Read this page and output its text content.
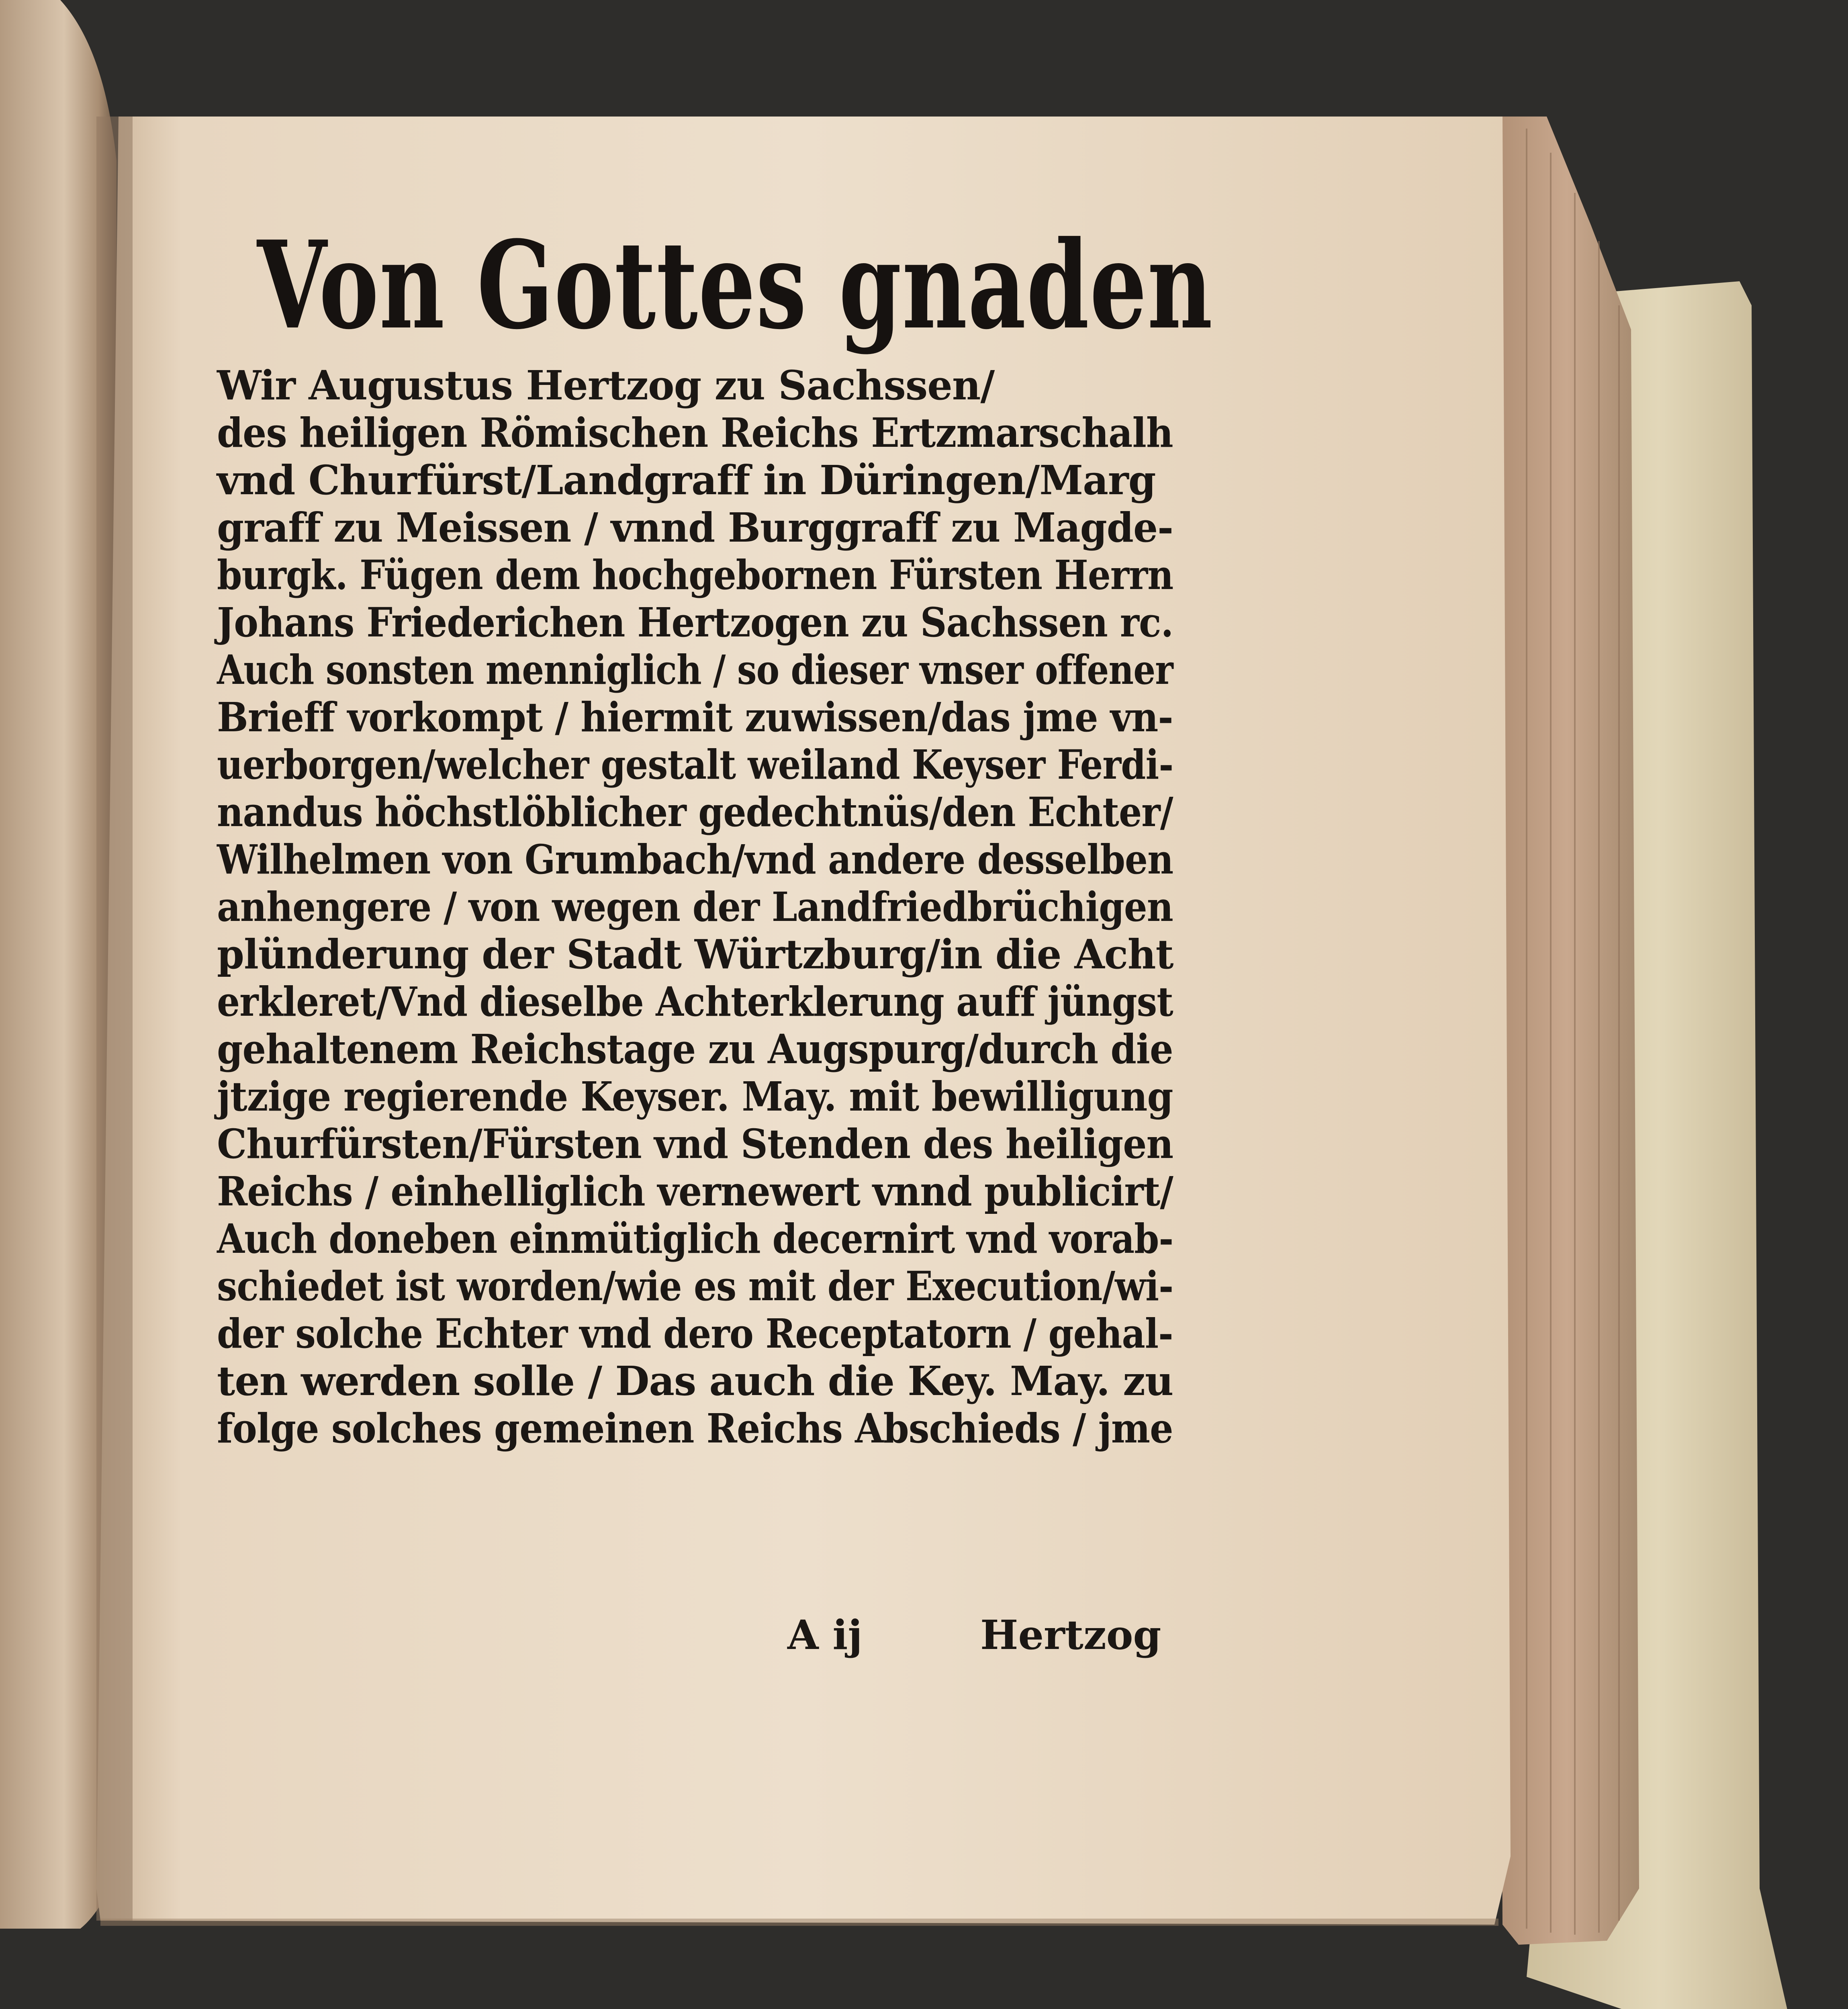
Von Gottes gnaden
Wir Augustus Hertzog zu Sachssen/
des heiligen Römischen Reichs Ertzmarschalh
vnd Churfürst/Landgraff in Düringen/Marg
graff zu Meissen / vnnd Burggraff zu Magde-
burgk. Fügen dem hochgebornen Fürsten Herrn
Johans Friederichen Hertzogen zu Sachssen rc.
Auch sonsten menniglich / so dieser vnser offener
Brieff vorkompt / hiermit zuwissen/das jme vn-
uerborgen/welcher gestalt weiland Keyser Ferdi-
nandus höchstlöblicher gedechtnüs/den Echter/
Wilhelmen von Grumbach/vnd andere desselben
anhengere / von wegen der Landfriedbrüchigen
plünderung der Stadt Würtzburg/in die Acht
erkleret/Vnd dieselbe Achterklerung auff jüngst
gehaltenem Reichstage zu Augspurg/durch die
jtzige regierende Keyser. May. mit bewilligung
Churfürsten/Fürsten vnd Stenden des heiligen
Reichs / einhelliglich vernewert vnnd publicirt/
Auch doneben einmütiglich decernirt vnd vorab-
schiedet ist worden/wie es mit der Execution/wi-
der solche Echter vnd dero Receptatorn / gehal-
ten werden solle / Das auch die Key. May. zu
folge solches gemeinen Reichs Abschieds / jme
A ij	Hertzog
